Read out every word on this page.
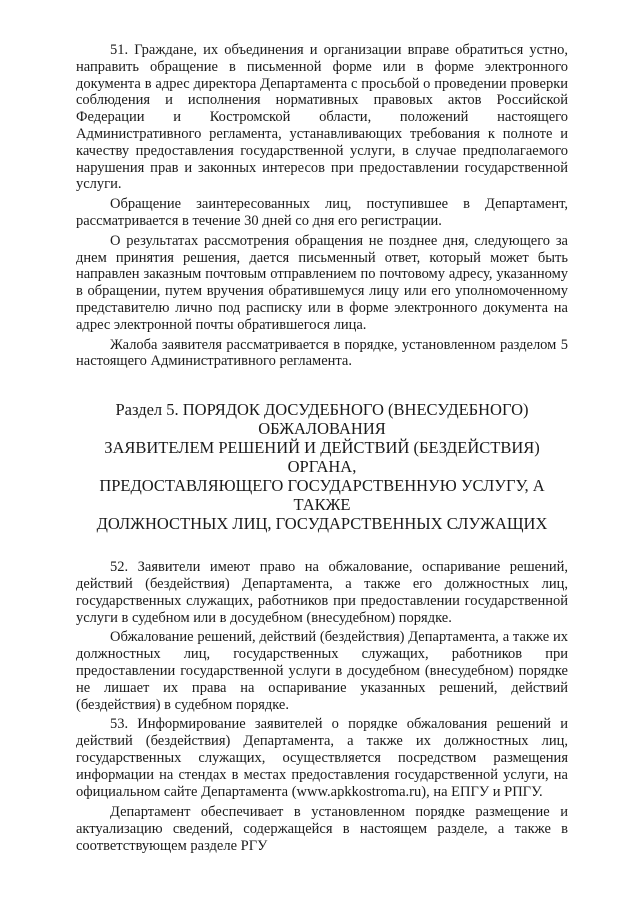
51. Граждане, их объединения и организации вправе обратиться устно, направить обращение в письменной форме или в форме электронного документа в адрес директора Департамента с просьбой о проведении проверки соблюдения и исполнения нормативных правовых актов Российской Федерации и Костромской области, положений настоящего Административного регламента, устанавливающих требования к полноте и качеству предоставления государственной услуги, в случае предполагаемого нарушения прав и законных интересов при предоставлении государственной услуги.

Обращение заинтересованных лиц, поступившее в Департамент, рассматривается в течение 30 дней со дня его регистрации.

О результатах рассмотрения обращения не позднее дня, следующего за днем принятия решения, дается письменный ответ, который может быть направлен заказным почтовым отправлением по почтовому адресу, указанному в обращении, путем вручения обратившемуся лицу или его уполномоченному представителю лично под расписку или в форме электронного документа на адрес электронной почты обратившегося лица.

Жалоба заявителя рассматривается в порядке, установленном разделом 5 настоящего Административного регламента.

Раздел 5. ПОРЯДОК ДОСУДЕБНОГО (ВНЕСУДЕБНОГО)
ОБЖАЛОВАНИЯ
ЗАЯВИТЕЛЕМ РЕШЕНИЙ И ДЕЙСТВИЙ (БЕЗДЕЙСТВИЯ) ОРГАНА,
ПРЕДОСТАВЛЯЮЩЕГО ГОСУДАРСТВЕННУЮ УСЛУГУ, А ТАКЖЕ
ДОЛЖНОСТНЫХ ЛИЦ, ГОСУДАРСТВЕННЫХ СЛУЖАЩИХ

52. Заявители имеют право на обжалование, оспаривание решений, действий (бездействия) Департамента, а также его должностных лиц, государственных служащих, работников при предоставлении государственной услуги в судебном или в досудебном (внесудебном) порядке.

Обжалование решений, действий (бездействия) Департамента, а также их должностных лиц, государственных служащих, работников при предоставлении государственной услуги в досудебном (внесудебном) порядке не лишает их права на оспаривание указанных решений, действий (бездействия) в судебном порядке.

53. Информирование заявителей о порядке обжалования решений и действий (бездействия) Департамента, а также их должностных лиц, государственных служащих, осуществляется посредством размещения информации на стендах в местах предоставления государственной услуги, на официальном сайте Департамента (www.apkkostroma.ru), на ЕПГУ и РПГУ.

Департамент обеспечивает в установленном порядке размещение и актуализацию сведений, содержащейся в настоящем разделе, а также в соответствующем разделе РГУ
